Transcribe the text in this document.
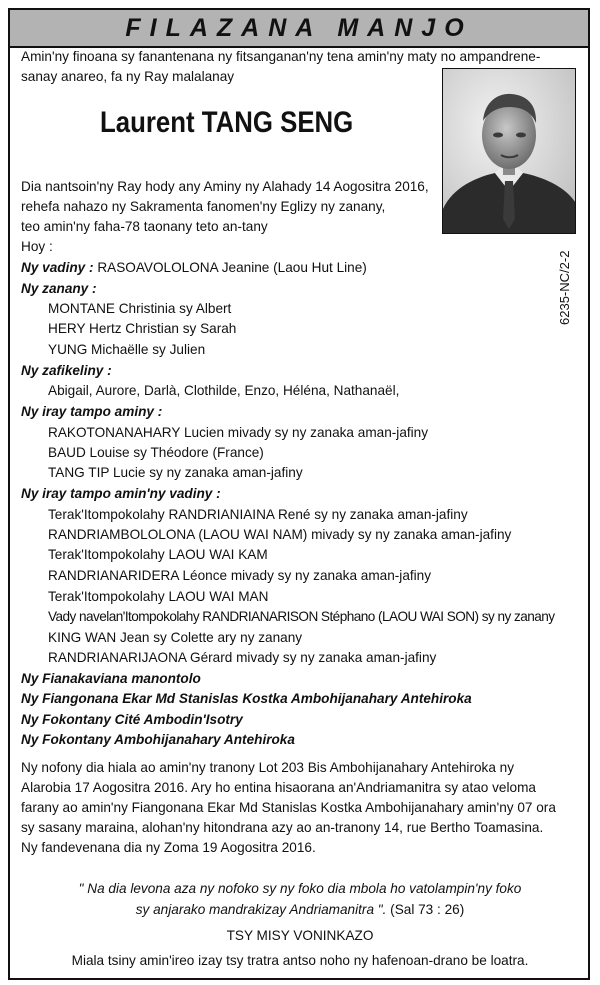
FILAZANA MANJO
Amin'ny finoana sy fanantenana ny fitsanganan'ny tena amin'ny maty no ampandrene-
sanay anareo, fa ny Ray malalanay
Laurent TANG SENG
Dia nantsoin'ny Ray hody any Aminy ny Alahady 14 Aogositra 2016,
rehefa nahazo ny Sakramenta fanomen'ny Eglizy ny zanany,
teo amin'ny faha-78 taonany teto an-tany
Hoy :
Ny vadiny : RASOAVOLOLONA Jeanine (Laou Hut Line)
Ny zanany :
MONTANE Christinia sy Albert
HERY Hertz Christian sy Sarah
YUNG Michaëlle sy Julien
Ny zafikeliny :
Abigail, Aurore, Darlà, Clothilde, Enzo, Héléna, Nathanaël,
Ny iray tampo aminy :
RAKOTONANAHARY Lucien mivady sy ny zanaka aman-jafiny
BAUD Louise sy Théodore (France)
TANG TIP Lucie sy ny zanaka aman-jafiny
Ny iray tampo amin'ny vadiny :
Terak'Itompokolahy RANDRIANIAINA René sy ny zanaka aman-jafiny
RANDRIAMBOLOLONA (LAOU WAI NAM) mivady sy ny zanaka aman-jafiny
Terak'Itompokolahy LAOU WAI KAM
RANDRIANARIDERA Léonce mivady sy ny zanaka aman-jafiny
Terak'Itompokolahy LAOU WAI MAN
Vady navelan'Itompokolahy RANDRIANARISON Stéphano (LAOU WAI SON) sy ny zanany
KING WAN Jean sy Colette ary ny zanany
RANDRIANARIJAONA Gérard mivady sy ny zanaka aman-jafiny
Ny Fianakaviana manontolo
Ny Fiangonana Ekar Md Stanislas Kostka Ambohijanahary Antehiroka
Ny Fokontany Cité Ambodin'Isotry
Ny Fokontany Ambohijanahary Antehiroka
Ny nofony dia hiala ao amin'ny tranony Lot 203 Bis Ambohijanahary Antehiroka ny
Alarobia 17 Aogositra 2016. Ary ho entina hisaorana an'Andriamanitra sy atao veloma
farany ao amin'ny Fiangonana Ekar Md Stanislas Kostka Ambohijanahary amin'ny 07 ora
sy sasany maraina, alohan'ny hitondrana azy ao an-tranony 14, rue Bertho Toamasina.
Ny fandevenana dia ny Zoma 19 Aogositra 2016.
" Na dia levona aza ny nofoko sy ny foko dia mbola ho vatolampin'ny foko
sy anjarako mandrakizay Andriamanitra ". (Sal 73 : 26)
TSY MISY VONINKAZO
Miala tsiny amin'ireo izay tsy tratra antso noho ny hafenoan-drano be loatra.
6235-NC/2-2
